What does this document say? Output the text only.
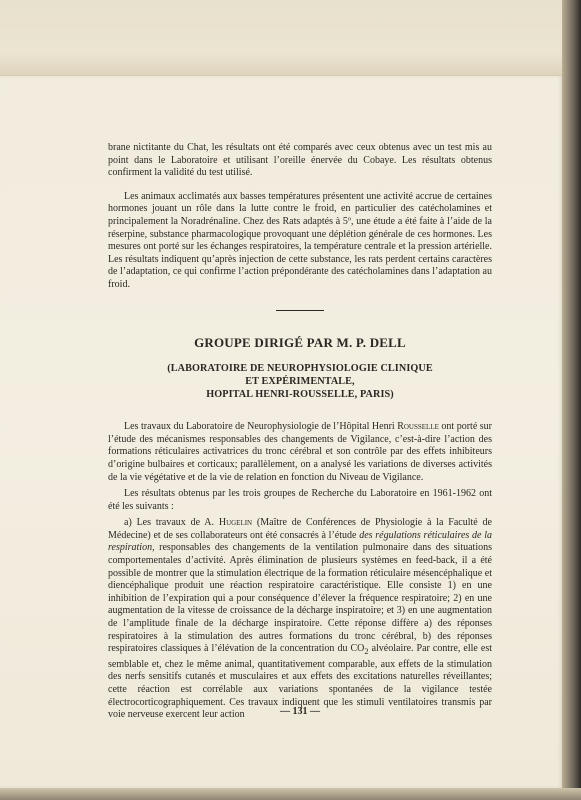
brane nictitante du Chat, les résultats ont été comparés avec ceux obtenus avec un test mis au point dans le Laboratoire et utilisant l’oreille énervée du Cobaye. Les résultats obtenus confirment la validité du test utilisé.

Les animaux acclimatés aux basses températures présentent une activité accrue de certaines hormones jouant un rôle dans la lutte contre le froid, en particulier des catécholamines et principalement la Noradrénaline. Chez des Rats adaptés à 5º, une étude a été faite à l’aide de la réserpine, substance pharmacologique provoquant une déplétion générale de ces hormones. Les mesures ont porté sur les échanges respiratoires, la température centrale et la pression artérielle. Les résultats indiquent qu’après injection de cette substance, les rats perdent certains caractères de l’adaptation, ce qui confirme l’action prépondérante des catécholamines dans l’adaptation au froid.

GROUPE DIRIGÉ PAR M. P. DELL
(LABORATOIRE DE NEUROPHYSIOLOGIE CLINIQUE
ET EXPÉRIMENTALE,
HOPITAL HENRI-ROUSSELLE, PARIS)

Les travaux du Laboratoire de Neurophysiologie de l’Hôpital Henri Rousselle ont porté sur l’étude des mécanismes responsables des changements de Vigilance, c’est-à-dire l’action des formations réticulaires activatrices du tronc cérébral et son contrôle par des effets inhibiteurs d’origine bulbaires et corticaux; parallèlement, on a analysé les variations de diverses activités de la vie végétative et de la vie de relation en fonction du Niveau de Vigilance.

Les résultats obtenus par les trois groupes de Recherche du Laboratoire en 1961-1962 ont été les suivants :

a) Les travaux de A. Hugelin (Maître de Conférences de Physiologie à la Faculté de Médecine) et de ses collaborateurs ont été consacrés à l’étude des régulations réticulaires de la respiration, responsables des changements de la ventilation pulmonaire dans des situations comportementales d’activité. Après élimination de plusieurs systèmes en feed-back, il a été possible de montrer que la stimulation électrique de la formation réticulaire mésencéphalique et diencéphalique produit une réaction respiratoire caractéristique. Elle consiste 1) en une inhibition de l’expiration qui a pour conséquence d’élever la fréquence respiratoire; 2) en une augmentation de la vitesse de croissance de la décharge inspiratoire; et 3) en une augmentation de l’amplitude finale de la décharge inspiratoire. Cette réponse diffère a) des réponses respiratoires à la stimulation des autres formations du tronc cérébral, b) des réponses respiratoires classiques à l’élévation de la concentration du $CO_2$ alvéolaire. Par contre, elle est semblable et, chez le même animal, quantitativement comparable, aux effets de la stimulation des nerfs sensitifs cutanés et musculaires et aux effets des excitations naturelles réveillantes; cette réaction est corrélable aux variations spontanées de la vigilance testée électrocorticographiquement. Ces travaux indiquent que les stimuli ventilatoires transmis par voie nerveuse exercent leur action	— 131 —
